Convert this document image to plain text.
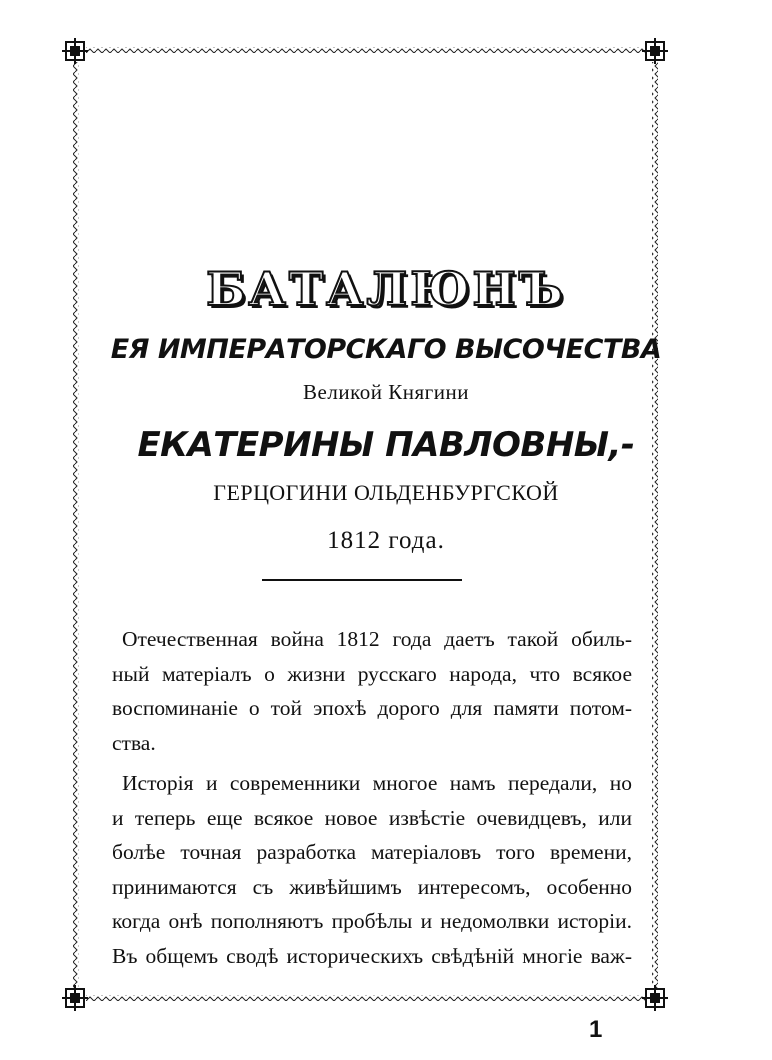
БАТАЛЮНЪ
ЕЯ ИМПЕРАТОРСКАГО ВЫСОЧЕСТВА
Великой Княгини
ЕКАТЕРИНЫ ПАВЛОВНЫ,-
ГЕРЦОГИНИ ОЛЬДЕНБУРГСКОЙ
1812 года.

Отечественная война 1812 года даетъ такой обиль-
ный матеріалъ о жизни русскаго народа, что всякое
воспоминаніе о той эпохѣ дорого для памяти потом-
ства.

Исторія и современники многое намъ передали, но
и теперь еще всякое новое извѣстіе очевидцевъ, или
болѣе точная разработка матеріаловъ того времени,
принимаются съ живѣйшимъ интересомъ, особенно
когда онѣ пополняютъ пробѣлы и недомолвки исторіи.
Въ общемъ сводѣ историческихъ свѣдѣній многіе важ-

1
